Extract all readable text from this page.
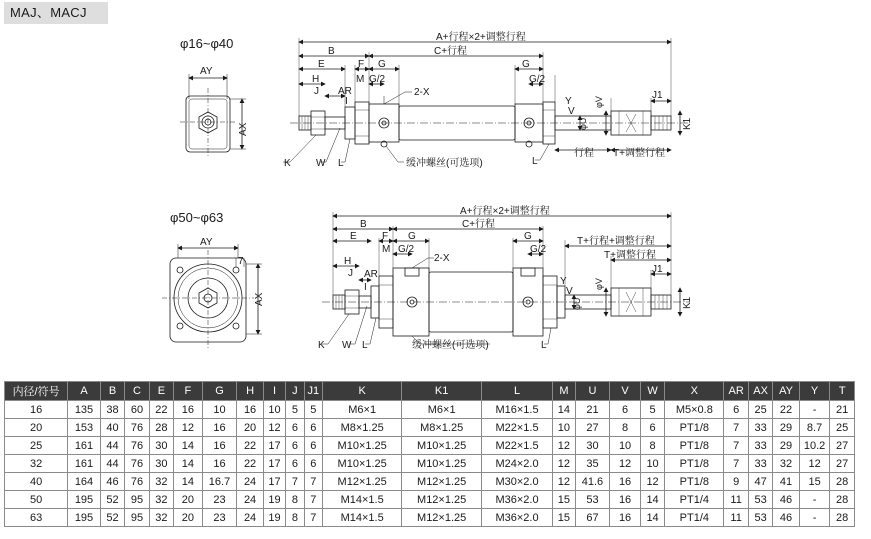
MAJ、MACJ
φ16~φ40
AY
AX
A+行程×2+调整行程
B	C+行程
E	F G	G
H	M G/2	G/2
J AR
I
2-X
Y
V
φU
φV
J1
K1
行程 T+调整行程
K	W L	缓冲螺丝(可选项)	L
φ50~φ63
AY
7
AX
A+行程×2+调整行程
B	C+行程
E	F G	G
M G/2	G/2
H
J AR
I
2-X
T+行程+调整行程
T+调整行程
J1
Y
V
φU
φV
K1
K W L	缓冲螺丝(可选项)	L
内径/符号	A	B	C	E	F	G	H	I	J	J1	K	K1	L	M	U	V	W	X	AR	AX	AY	Y	T
16	135	38	60	22	16	10	16	10	5	5	M6×1	M6×1	M16×1.5	14	21	6	5	M5×0.8	6	25	22	-	21
20	153	40	76	28	12	16	20	12	6	6	M8×1.25	M8×1.25	M22×1.5	10	27	8	6	PT1/8	7	33	29	8.7	25
25	161	44	76	30	14	16	22	17	6	6	M10×1.25	M10×1.25	M22×1.5	12	30	10	8	PT1/8	7	33	29	10.2	27
32	161	44	76	30	14	16	22	17	6	6	M10×1.25	M10×1.25	M24×2.0	12	35	12	10	PT1/8	7	33	32	12	27
40	164	46	76	32	14	16.7	24	17	7	7	M12×1.25	M12×1.25	M30×2.0	12	41.6	16	12	PT1/8	9	47	41	15	28
50	195	52	95	32	20	23	24	19	8	7	M14×1.5	M12×1.25	M36×2.0	15	53	16	14	PT1/4	11	53	46	-	28
63	195	52	95	32	20	23	24	19	8	7	M14×1.5	M12×1.25	M36×2.0	15	67	16	14	PT1/4	11	53	46	-	28
